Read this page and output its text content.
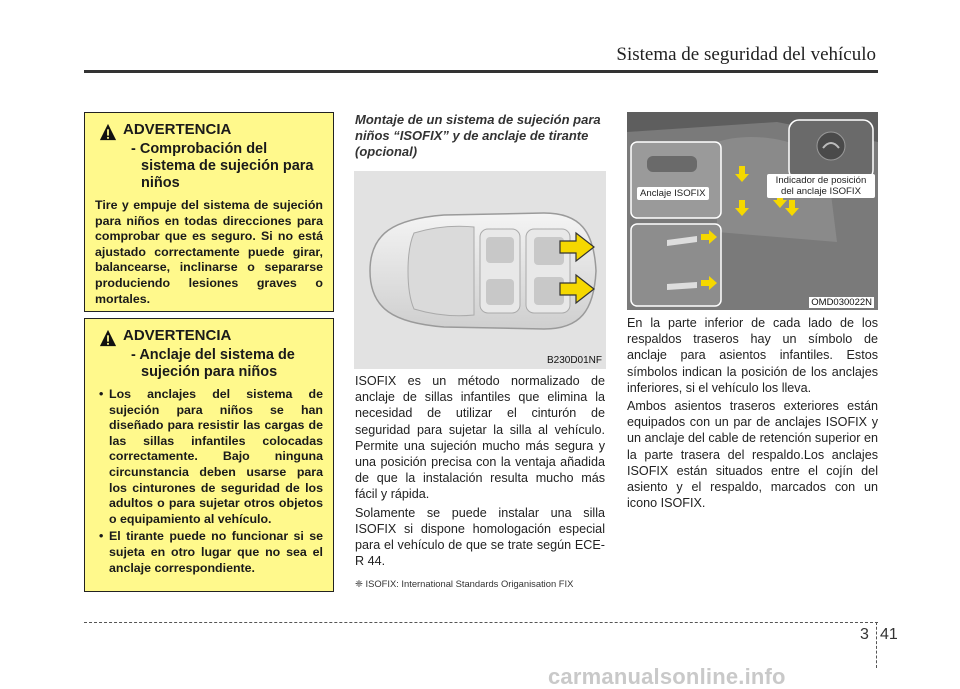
Sistema de seguridad del vehículo
ADVERTENCIA
- Comprobación del sistema de sujeción para niños
Tire y empuje del sistema de sujeción para niños en todas direcciones para comprobar que es seguro. Si no está ajustado correctamente puede girar, balancearse, inclinarse o separarse produciendo lesiones graves o mortales.
ADVERTENCIA
- Anclaje del sistema de sujeción para niños
• Los anclajes del sistema de sujeción para niños se han diseñado para resistir las cargas de las sillas infantiles colocadas correctamente. Bajo ninguna circunstancia deben usarse para los cinturones de seguridad de los adultos o para sujetar otros objetos o equipamiento al vehículo.
• El tirante puede no funcionar si se sujeta en otro lugar que no sea el anclaje correspondiente.
Montaje de un sistema de sujeción para niños “ISOFIX” y de anclaje de tirante (opcional)
B230D01NF

ISOFIX es un método normalizado de anclaje de sillas infantiles que elimina la necesidad de utilizar el cinturón de seguridad para sujetar la silla al vehículo. Permite una sujeción mucho más segura y una posición precisa con la ventaja añadida de que la instalación resulta mucho más fácil y rápida.

Solamente se puede instalar una silla ISOFIX si dispone homologación especial para el vehículo de que se trate según ECE-R 44.

❈ ISOFIX: International Standards Origanisation FIX
Anclaje ISOFIX
Indicador de posición del anclaje ISOFIX
OMD030022N

En la parte inferior de cada lado de los respaldos traseros hay un símbolo de anclaje para asientos infantiles. Estos símbolos indican la posición de los anclajes inferiores, si el vehículo los lleva.

Ambos asientos traseros exteriores están equipados con un par de anclajes ISOFIX y un anclaje del cable de retención superior en la parte trasera del respaldo.Los anclajes ISOFIX están situados entre el cojín del asiento y el respaldo, marcados con un icono ISOFIX.

3 41
carmanualsonline.info
